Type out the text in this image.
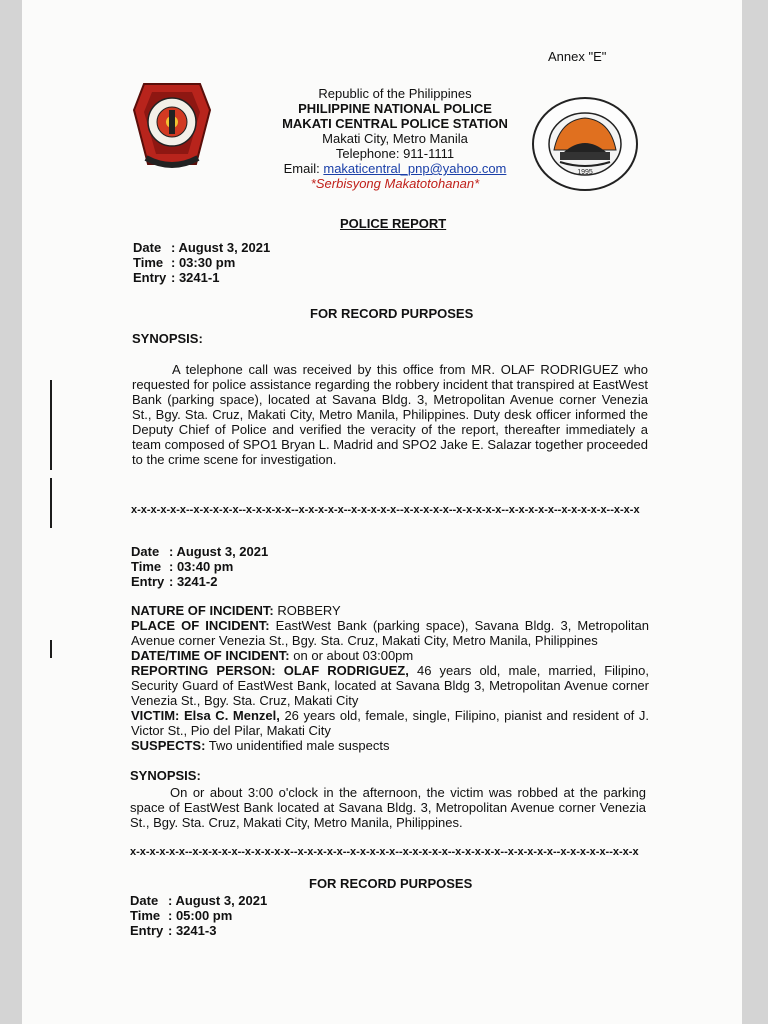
Annex "E"
1995
Republic of the Philippines
PHILIPPINE NATIONAL POLICE
MAKATI CENTRAL POLICE STATION
Makati City, Metro Manila
Telephone: 911-1111
Email: makaticentral_pnp@yahoo.com
*Serbisyong Makatotohanan*
POLICE REPORT
Date : August 3, 2021
Time : 03:30 pm
Entry : 3241-1
FOR RECORD PURPOSES
SYNOPSIS:
A telephone call was received by this office from MR. OLAF RODRIGUEZ who requested for police assistance regarding the robbery incident that transpired at EastWest Bank (parking space), located at Savana Bldg. 3, Metropolitan Avenue corner Venezia St., Bgy. Sta. Cruz, Makati City, Metro Manila, Philippines. Duty desk officer informed the Deputy Chief of Police and verified the veracity of the report, thereafter immediately a team composed of SPO1 Bryan L. Madrid and SPO2 Jake E. Salazar together proceeded to the crime scene for investigation.
x-x-x-x-x-x--x-x-x-x-x--x-x-x-x-x--x-x-x-x-x--x-x-x-x-x--x-x-x-x-x--x-x-x-x-x--x-x-x-x-x--x-x-x-x-x--x-x-x
Date : August 3, 2021
Time : 03:40 pm
Entry : 3241-2
NATURE OF INCIDENT: ROBBERY
PLACE OF INCIDENT: EastWest Bank (parking space), Savana Bldg. 3, Metropolitan Avenue corner Venezia St., Bgy. Sta. Cruz, Makati City, Metro Manila, Philippines
DATE/TIME OF INCIDENT: on or about 03:00pm
REPORTING PERSON: OLAF RODRIGUEZ, 46 years old, male, married, Filipino, Security Guard of EastWest Bank, located at Savana Bldg 3, Metropolitan Avenue corner Venezia St., Bgy. Sta. Cruz, Makati City
VICTIM: Elsa C. Menzel, 26 years old, female, single, Filipino, pianist and resident of J. Victor St., Pio del Pilar, Makati City
SUSPECTS: Two unidentified male suspects
SYNOPSIS:
On or about 3:00 o'clock in the afternoon, the victim was robbed at the parking space of EastWest Bank located at Savana Bldg. 3, Metropolitan Avenue corner Venezia St., Bgy. Sta. Cruz, Makati City, Metro Manila, Philippines.
x-x-x-x-x-x--x-x-x-x-x--x-x-x-x-x--x-x-x-x-x--x-x-x-x-x--x-x-x-x-x--x-x-x-x-x--x-x-x-x-x--x-x-x-x-x--x-x-x
FOR RECORD PURPOSES
Date : August 3, 2021
Time : 05:00 pm
Entry : 3241-3
